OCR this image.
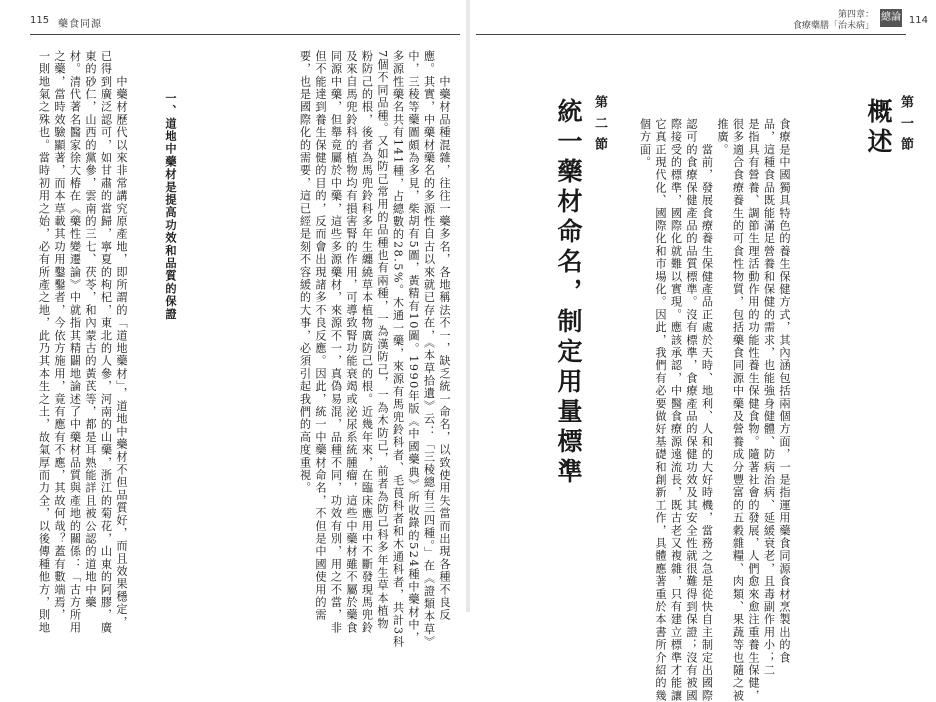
115 藥食同源
第四章：
食療藥膳「治未病」
總論 114
第一節
概述

食療是中國獨具特色的養生保健方式，其內涵包括兩個方面，一是指運用藥食同源食材烹製出的食

品，這種食品既能滿足營養和保健的需求，也能強身健體、防病治病、延緩衰老，且毒副作用小；二

是指具有營養、調節生理活動作用的功能性養生保健食物。隨著社會的發展，人們愈來愈注重養生保健，

很多適合食療養生的可食性物質，包括藥食同源中藥及營養成分豐富的五穀雜糧、肉類、果蔬等也隨之被

推廣。

　　當前，發展食療養生保健產品正處於天時、地利、人和的大好時機，當務之急是從快自主制定出國際

認可的食療保健產品的品質標準。沒有標準，食療產品的保健功效及其安全性就很難得到保證；沒有被國

際接受的標準，國際化就難以實現。應該承認，中醫食療源遠流長，既古老又複雜，只有建立標準才能讓

它真正現代化、國際化和市場化。因此，我們有必要做好基礎和創新工作，具體應著重於本書所介紹的幾

個方面。

第二節
統一藥材命名，制定用量標準

　　中藥材品種混雜，往往一藥多名，各地稱法不一，缺乏統一命名，以致使用失當而出現各種不良反

應。其實，中藥材藥名的多源性自古以來就已存在，《本草拾遺》云：「三稜總有三四種。」在《證類本草》

中，三稜等藥圖頗為多見，柴胡有5圖，黃精有10圖。1990年版《中國藥典》所收錄的524種中藥材中，

多源性藥名共有141種，占總數的28.5%。木通一藥，來源有馬兜鈴科者、毛茛科者和木通科者，共計3科

7個不同品種。又如防己常用的品種也有兩種，一為漢防己，一為木防己，前者為防己科多年生草本植物

粉防己的根，後者為馬兜鈴科多年生纏繞草本植物廣防己的根。近幾年來，在臨床應用中不斷發現馬兜鈴

及來自馬兜鈴科的植物均有損害腎的作用，可導致腎功能衰竭或泌尿系統腫瘤，這些中藥材雖不屬於藥食

同源中藥，但舉竟屬於中藥，這些多源藥材，來源不一，真偽易混，品種不同，功效有別，用之不當，非

但不能達到養生保健的目的，反而會出現諸多不良反應。因此，統一中藥材命名，不但是中國使用的需

要，也是國際化的需要，這已經是刻不容緩的大事，必須引起我們的高度重視。

一、道地中藥材是提高功效和品質的保證

　　中藥材歷代以來非常講究原產地，即所謂的「道地藥材」，道地中藥材不但品質好，而且效果穩定，

已得到廣泛認可，如甘肅的當歸，寧夏的枸杞，東北的人參，河南的山藥，浙江的菊花，山東的阿膠，廣

東的砂仁，山西的黨參，雲南的三七、茯苓，和內蒙古的黃芪等，都是耳熟能詳且被公認的道地中藥

材。清代著名醫家徐大椿在《藥性變遷論》中就指其精闢地論述了中藥材品質與產地的關係：「古方所用

之藥，當時效驗顯著，而本草載其功用鑿鑿者，今依方施用，竟有應有不應，其故何哉？蓋有數端焉，

一則地氣之殊也。當時初用之始，必有所產之地，此乃其本生之土，故氣厚而力全，以後傳種他方，則地
